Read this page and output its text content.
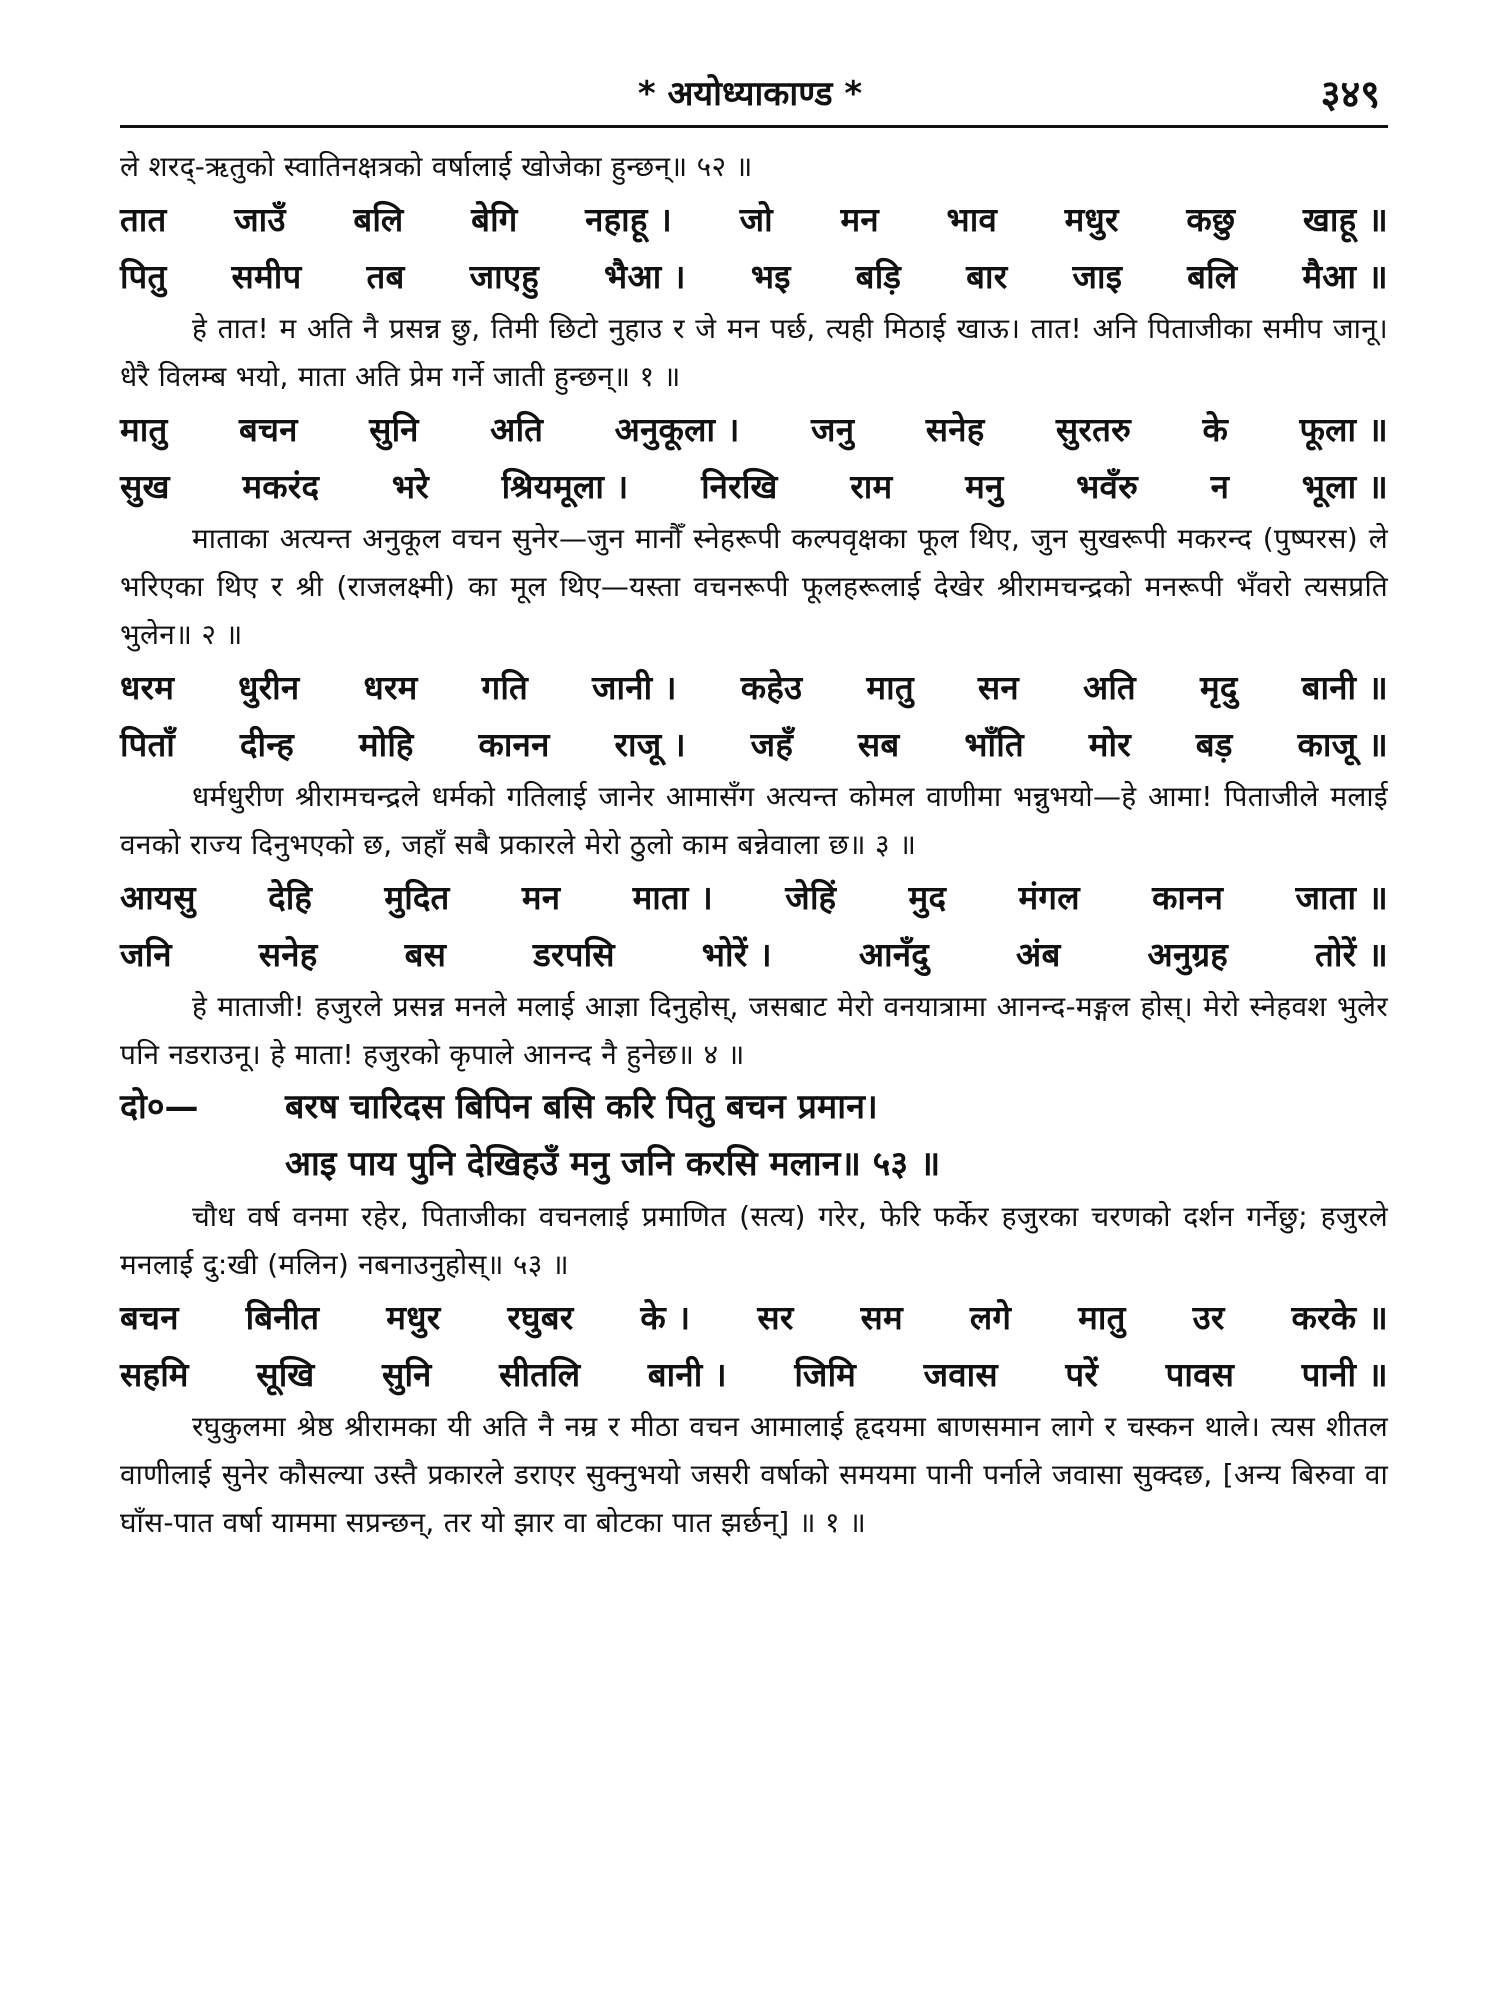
* अयोध्याकाण्ड *	३४९
ले शरद्-ऋतुको स्वातिनक्षत्रको वर्षालाई खोजेका हुन्छन्॥ ५२ ॥
तात जाउँ बलि बेगि नहाहू । जो मन भाव मधुर कछु खाहू ॥
पितु समीप तब जाएहु भैआ । भइ बड़ि बार जाइ बलि मैआ ॥
हे तात! म अति नै प्रसन्न छु, तिमी छिटो नुहाउ र जे मन पर्छ, त्यही मिठाई खाऊ। तात! अनि पिताजीका समीप जानू। धेरै विलम्ब भयो, माता अति प्रेम गर्ने जाती हुन्छन्॥ १ ॥
मातु बचन सुनि अति अनुकूला । जनु सनेह सुरतरु के फूला ॥
सुख मकरंद भरे श्रियमूला । निरखि राम मनु भवँरु न भूला ॥
माताका अत्यन्त अनुकूल वचन सुनेर—जुन मानौँ स्नेहरूपी कल्पवृक्षका फूल थिए, जुन सुखरूपी मकरन्द (पुष्परस) ले भरिएका थिए र श्री (राजलक्ष्मी) का मूल थिए—यस्ता वचनरूपी फूलहरूलाई देखेर श्रीरामचन्द्रको मनरूपी भँवरो त्यसप्रति भुलेन॥ २ ॥
धरम धुरीन धरम गति जानी । कहेउ मातु सन अति मृदु बानी ॥
पिताँ दीन्ह मोहि कानन राजू । जहँ सब भाँति मोर बड़ काजू ॥
धर्मधुरीण श्रीरामचन्द्रले धर्मको गतिलाई जानेर आमासँग अत्यन्त कोमल वाणीमा भन्नुभयो—हे आमा! पिताजीले मलाई वनको राज्य दिनुभएको छ, जहाँ सबै प्रकारले मेरो ठुलो काम बन्नेवाला छ॥ ३ ॥
आयसु देहि मुदित मन माता । जेहिं मुद मंगल कानन जाता ॥
जनि	सनेह	बस	डरपसि	भोरें ।	आनँदु	अंब	अनुग्रह	तोरें ॥
हे माताजी! हजुरले प्रसन्न मनले मलाई आज्ञा दिनुहोस्, जसबाट मेरो वनयात्रामा आनन्द-मङ्गल होस्। मेरो स्नेहवश भुलेर पनि नडराउनू। हे माता! हजुरको कृपाले आनन्द नै हुनेछ॥ ४ ॥
दो०—	बरष चारिदस बिपिन बसि करि पितु बचन प्रमान।
आइ पाय पुनि देखिहउँ मनु जनि करसि मलान॥ ५३ ॥
चौध वर्ष वनमा रहेर, पिताजीका वचनलाई प्रमाणित (सत्य) गरेर, फेरि फर्केर हजुरका चरणको दर्शन गर्नेछु; हजुरले मनलाई दु:खी (मलिन) नबनाउनुहोस्॥ ५३ ॥
बचन बिनीत मधुर रघुबर के । सर सम लगे मातु उर करके ॥
सहमि सूखि सुनि सीतलि बानी । जिमि जवास परें पावस पानी ॥
रघुकुलमा श्रेष्ठ श्रीरामका यी अति नै नम्र र मीठा वचन आमालाई हृदयमा बाणसमान लागे र चस्कन थाले। त्यस शीतल वाणीलाई सुनेर कौसल्या उस्तै प्रकारले डराएर सुक्नुभयो जसरी वर्षाको समयमा पानी पर्नाले जवासा सुक्दछ, [अन्य बिरुवा वा घाँस-पात वर्षा याममा सप्रन्छन्, तर यो झार वा बोटका पात झर्छन्] ॥ १ ॥
